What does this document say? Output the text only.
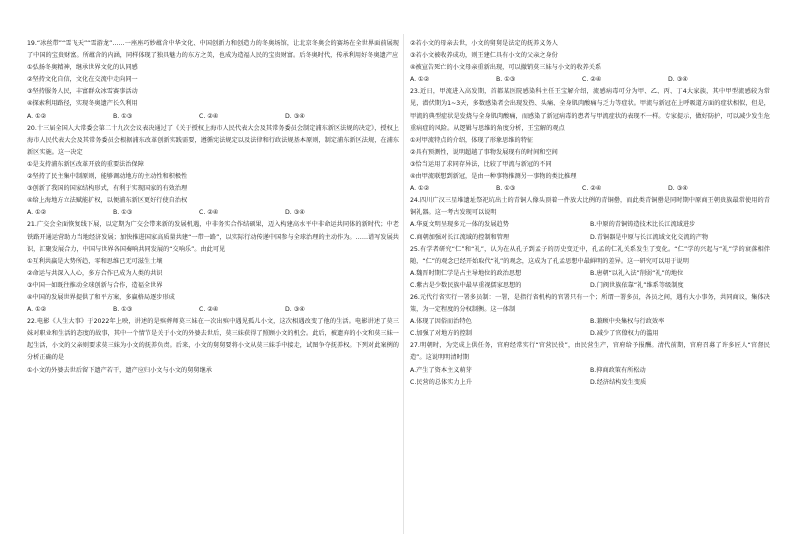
19.“冰丝带”“雪飞天”“雪游龙”……一座座巧妙蕴含中华文化、中国创新力和创造力的冬奥场馆，让北京冬奥会的赛场在全世界面前展现了中国的宝贵财富。所蕴含的内涵，同样体现了独具魅力的东方之美，也成为造福人民的宝贵财富。后冬奥时代，传承利用好冬奥遗产应
①弘扬冬奥精神，继承世界文化的认同感
②坚持文化自信，文化在交流中走向同一
③坚持服务人民，丰富群众冰雪赛事活动
④探索利用路径，实现冬奥遗产长久利用
A. ①②	B. ①③	C. ②④	D. ③④
20.十三届全国人大常委会第二十九次会议表决通过了《关于授权上海市人民代表大会及其常务委员会制定浦东新区法规的决定》，授权上海市人民代表大会及其常务委员会根据浦东改革创新实践需要，遵循宪法规定以及法律和行政法规基本原则，制定浦东新区法规，在浦东新区实施。这一决定
①是支持浦东新区改革开放的重要法治保障
②坚持了民主集中制原则，能够调动地方的主动性和积极性
③创新了我国的国家结构形式，有利于实现国家的有效治理
④给上海地方立法赋能扩权，以便浦东新区更好行使自治权
A. ①②	B. ①③	C. ②④	D. ③④
21.广交会全面恢复线下展，以定期为广交会带来新的发展机遇，中非务实合作结硕果，迈入构建高水平中非命运共同体的新时代；中老铁路开通运营助力当地经济发展；加快推进国家高质量共建“一带一路”，以实际行动传递中国参与全球治理的主动作为。……谱写发展共识，汇聚发展合力，中国与世界各国奏响共同发展的“交响乐”。由此可见
①互利共赢是大势所趋，零和思维已无可滋生土壤
②命运与共深入人心，多方合作已成为人类的共识
③中国一如既往推动全球创新与合作，造福全世界
④中国的发展世界提供了和平方案，多赢格局逐步形成
A. ①②	B. ①③	C. ②④	D. ③④
22.电影《人生大事》于2022年上映，讲述的是殡葬师莫三妹在一次出殡中遇见孤儿小文，这次相遇改变了他的生活。电影讲述了莫三妹对职业和生活的态度的故事，其中一个情节是关于小文的外婆去世后，莫三妹获得了照顾小文的机会。此后，被遗弃的小文和莫三妹一起生活，小文的父亲则要求莫三妹为小文的抚养负责。后来，小文的舅舅要将小文从莫三妹手中接走，试图争夺抚养权。下列对此案例的分析正确的是
①小文的外婆去世后留下遗产若干，遗产应归小文与小文的舅舅继承
②若小文的母亲去世，小文的舅舅是法定的抚养义务人
③若小文被收养成功，则王建仁具有小文的父亲之身份
④被宣告死亡的小文母亲重新出现，可以撤销莫三妹与小文的收养关系
A. ①②	B. ①③	C. ②④	D. ③④
23.近日，甲流进入高发期，首都某医院感染科主任王宝解介绍，流感病毒可分为甲、乙、丙、丁4大家族，其中甲型流感较为常见，潜伏期为1~3天，多数感染者会出现发热、头痛、全身肌肉酸痛与乏力等症状。甲流与新冠在上呼吸道方面的症状相似，但是，甲流的典型症状是发烧与全身肌肉酸痛，而感染了新冠病毒的患者与甲流症状的表现不一样。专家提示，做好防护，可以减少发生危重病症的风险。从逻辑与思维的角度分析，王宝解的观点
①对甲流特点的介绍，体现了形象思维的特征
②具有预测性，说明超越了事物发展现有的时间和空间
③恰当运用了求同存异法，比较了甲流与新冠的不同
④由甲流联想到新冠，是由一种事物推测另一事物的类比推理
A. ①②	B. ①③	C. ②④	D. ③④
24.四川广汉三星堆遗址祭祀坑出土的青铜人像头顶着一件放大比例的青铜罍，而此类青铜罍是同时期中原商王朝贵族最常使用的青铜礼器。这一考古发现可以说明
A.华夏文明呈现多元一体的发展趋势	B.中原的青铜铸造技术比长江流域进步
C.商朝加强对长江流域的控制和管理	D.青铜器是中原与长江流域文化交流的产物
25.有学者研究“仁”和“礼”，认为在从孔子到孟子的历史变迁中，孔孟的仁礼关系发生了变化。“仁”学的兴起与“礼”学的衰落相伴随，“仁”的观念已经开始取代“礼”的观念，这成为了孔孟思想中最鲜明的差异。这一研究可以用于说明
A.魏晋时期仁学是占主导地位的政治思想	B.唐朝“以礼入法”削弱“礼”的地位
C.紫古是少数民族中最早重视儒家思想的	D.门阀世族依靠“礼”维系等级制度
26.元代行省实行一署多员制：一署，是指行省机构的官署只有一个；所谓一署多员，各员之间，遇有大小事务，共同商议，集体决策，为一定程度的分权制衡。这一体制
A.体现了因俗而治特色	B.兼顾中央集权与行政效率
C.加强了对地方的控制	D.减少了官僚权力的滥用
27.明朝时，为完成上供任务，官府经常实行“官营民役”，由民营生产，官府给予报酬。清代前期，官府召募了许多匠人“官督民造”。这说明明清时期
A.产生了资本主义萌芽	B.抑商政策有所松动
C.民营的总体实力上升	D.经济结构发生变质
